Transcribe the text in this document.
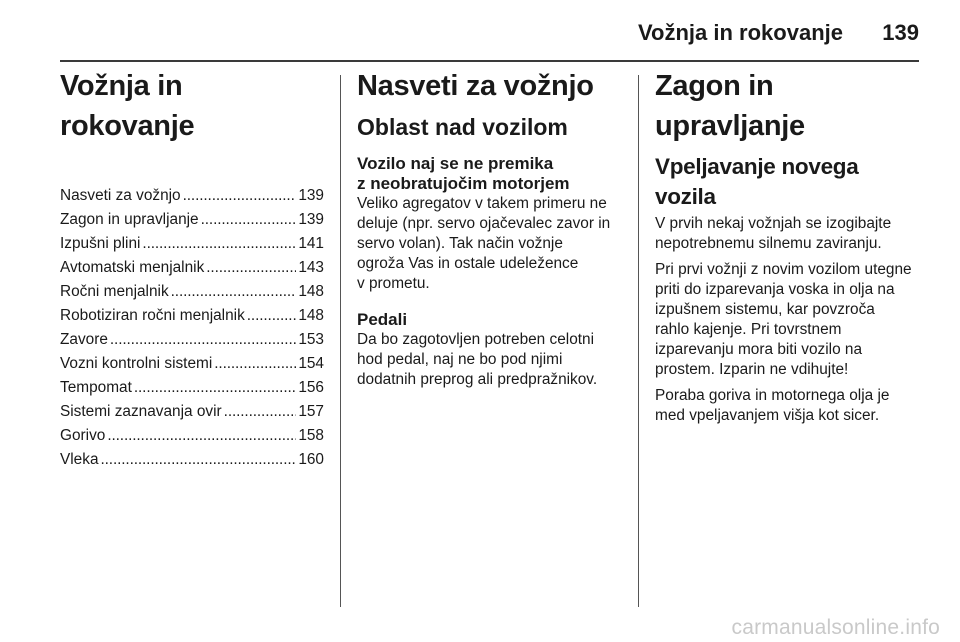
Vožnja in rokovanje 139
Vožnja in rokovanje
Nasveti za vožnjo . . .	139
Zagon in upravljanje . . .	139
Izpušni plini . . .	141
Avtomatski menjalnik . . .	143
Ročni menjalnik . . .	148
Robotiziran ročni menjalnik . . .	148
Zavore . . .	153
Vozni kontrolni sistemi . . .	154
Tempomat . . .	156
Sistemi zaznavanja ovir . . .	157
Gorivo . . .	158
Vleka . . .	160
Nasveti za vožnjo
Oblast nad vozilom
Vozilo naj se ne premika
z neobratujočim motorjem

Veliko agregatov v takem primeru ne
deluje (npr. servo ojačevalec zavor in
servo volan). Tak način vožnje
ogroža Vas in ostale udeležence
v prometu.

Pedali

Da bo zagotovljen potreben celotni
hod pedal, naj ne bo pod njimi
dodatnih preprog ali predpražnikov.

Zagon in upravljanje
Vpeljavanje novega vozila

V prvih nekaj vožnjah se izogibajte
nepotrebnemu silnemu zaviranju.

Pri prvi vožnji z novim vozilom utegne
priti do izparevanja voska in olja na
izpušnem sistemu, kar povzroča
rahlo kajenje. Pri tovrstnem
izparevanju mora biti vozilo na
prostem. Izparin ne vdihujte!

Poraba goriva in motornega olja je
med vpeljavanjem višja kot sicer.

carmanualsonline.info
